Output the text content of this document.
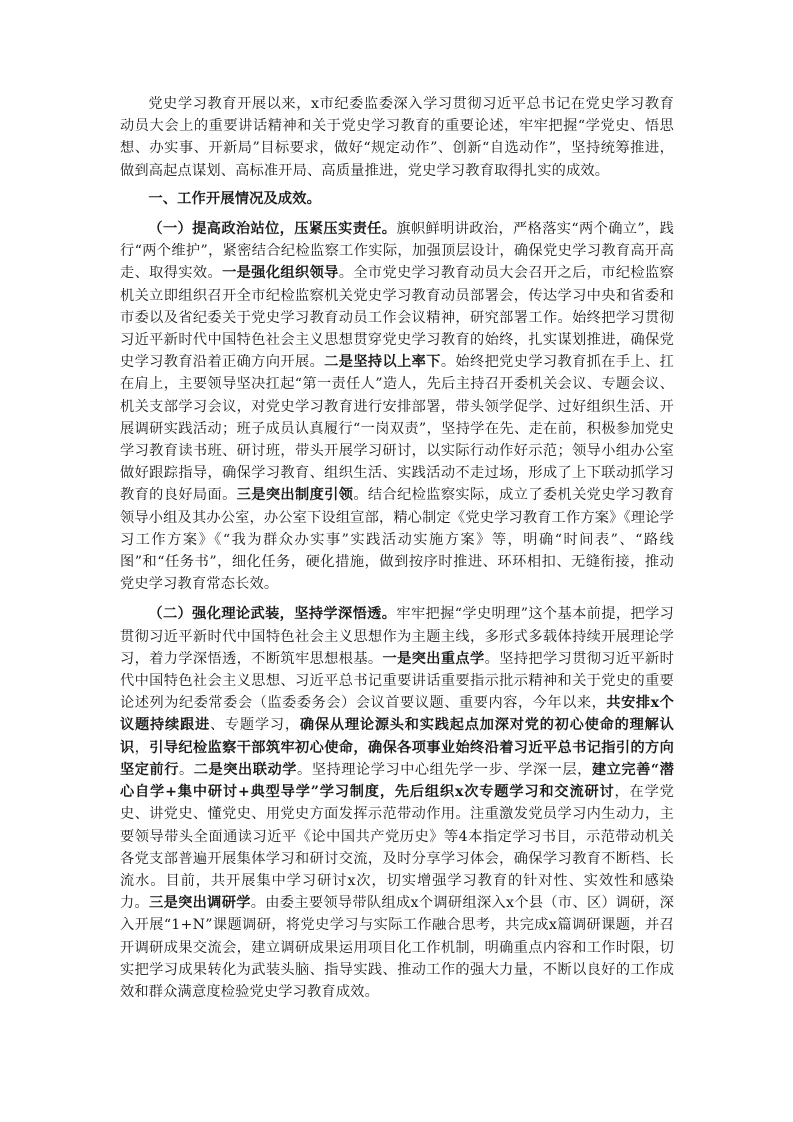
党史学习教育开展以来，x市纪委监委深入学习贯彻习近平总书记在党史学习教育动员大会上的重要讲话精神和关于党史学习教育的重要论述，牢牢把握“学党史、悟思想、办实事、开新局”目标要求，做好“规定动作”、创新“自选动作”，坚持统筹推进，做到高起点谋划、高标准开局、高质量推进，党史学习教育取得扎实的成效。

一、工作开展情况及成效。

（一）提高政治站位，压紧压实责任。旗帜鲜明讲政治，严格落实“两个确立”，践行“两个维护”，紧密结合纪检监察工作实际，加强顶层设计，确保党史学习教育高开高走、取得实效。一是强化组织领导。全市党史学习教育动员大会召开之后，市纪检监察机关立即组织召开全市纪检监察机关党史学习教育动员部署会，传达学习中央和省委和市委以及省纪委关于党史学习教育动员工作会议精神，研究部署工作。始终把学习贯彻习近平新时代中国特色社会主义思想贯穿党史学习教育的始终，扎实谋划推进，确保党史学习教育沿着正确方向开展。二是坚持以上率下。始终把党史学习教育抓在手上、扛在肩上，主要领导坚决扛起“第一责任人”造人，先后主持召开委机关会议、专题会议、机关支部学习会议，对党史学习教育进行安排部署，带头领学促学、过好组织生活、开展调研实践活动；班子成员认真履行“一岗双责”，坚持学在先、走在前，积极参加党史学习教育读书班、研讨班，带头开展学习研讨，以实际行动作好示范；领导小组办公室做好跟踪指导，确保学习教育、组织生活、实践活动不走过场，形成了上下联动抓学习教育的良好局面。三是突出制度引领。结合纪检监察实际，成立了委机关党史学习教育领导小组及其办公室，办公室下设组宣部，精心制定《党史学习教育工作方案》《理论学习工作方案》《“我为群众办实事”实践活动实施方案》等，明确“时间表”、“路线图”和“任务书”，细化任务，硬化措施，做到按序时推进、环环相扣、无缝衔接，推动党史学习教育常态长效。

（二）强化理论武装，坚持学深悟透。牢牢把握“学史明理”这个基本前提，把学习贯彻习近平新时代中国特色社会主义思想作为主题主线，多形式多载体持续开展理论学习，着力学深悟透，不断筑牢思想根基。一是突出重点学。坚持把学习贯彻习近平新时代中国特色社会主义思想、习近平总书记重要讲话重要指示批示精神和关于党史的重要论述列为纪委常委会（监委委务会）会议首要议题、重要内容，今年以来，共安排x个议题持续跟进、专题学习，确保从理论源头和实践起点加深对党的初心使命的理解认识，引导纪检监察干部筑牢初心使命，确保各项事业始终沿着习近平总书记指引的方向坚定前行。二是突出联动学。坚持理论学习中心组先学一步、学深一层，建立完善“潜心自学+集中研讨+典型导学”学习制度，先后组织x次专题学习和交流研讨，在学党史、讲党史、懂党史、用党史方面发挥示范带动作用。注重激发党员学习内生动力，主要领导带头全面通读习近平《论中国共产党历史》等4本指定学习书目，示范带动机关各党支部普遍开展集体学习和研讨交流，及时分享学习体会，确保学习教育不断档、长流水。目前，共开展集中学习研讨x次，切实增强学习教育的针对性、实效性和感染力。三是突出调研学。由委主要领导带队组成x个调研组深入x个县（市、区）调研，深入开展“1+N”课题调研，将党史学习与实际工作融合思考，共完成x篇调研课题，并召开调研成果交流会，建立调研成果运用项目化工作机制，明确重点内容和工作时限，切实把学习成果转化为武装头脑、指导实践、推动工作的强大力量，不断以良好的工作成效和群众满意度检验党史学习教育成效。
